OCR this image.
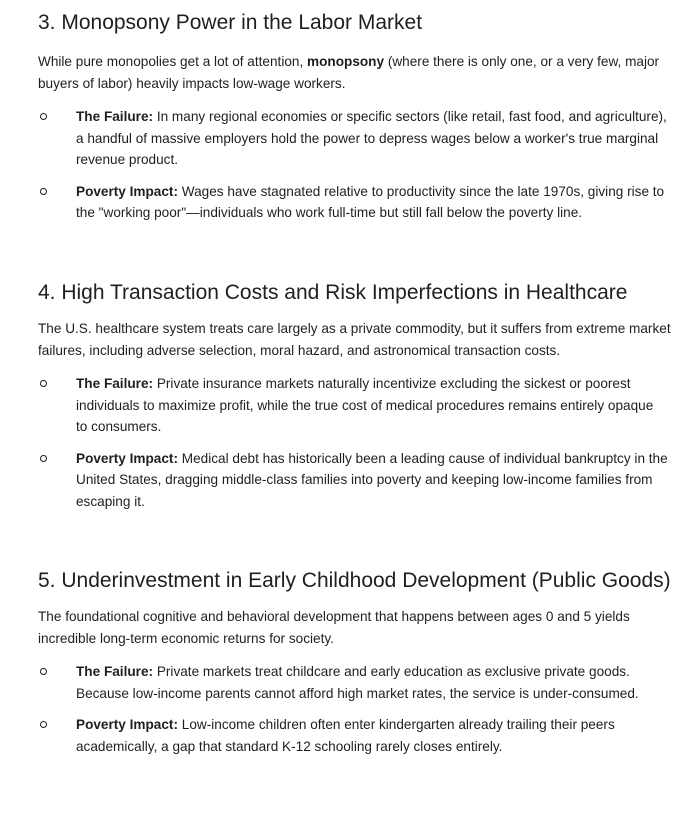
3. Monopsony Power in the Labor Market

While pure monopolies get a lot of attention, monopsony (where there is only one, or a very few, major buyers of labor) heavily impacts low-wage workers.

The Failure: In many regional economies or specific sectors (like retail, fast food, and agriculture), a handful of massive employers hold the power to depress wages below a worker's true marginal revenue product.
Poverty Impact: Wages have stagnated relative to productivity since the late 1970s, giving rise to the "working poor"—individuals who work full-time but still fall below the poverty line.
4. High Transaction Costs and Risk Imperfections in Healthcare

The U.S. healthcare system treats care largely as a private commodity, but it suffers from extreme market failures, including adverse selection, moral hazard, and astronomical transaction costs.

The Failure: Private insurance markets naturally incentivize excluding the sickest or poorest individuals to maximize profit, while the true cost of medical procedures remains entirely opaque to consumers.
Poverty Impact: Medical debt has historically been a leading cause of individual bankruptcy in the United States, dragging middle-class families into poverty and keeping low-income families from escaping it.
5. Underinvestment in Early Childhood Development (Public Goods)

The foundational cognitive and behavioral development that happens between ages 0 and 5 yields incredible long-term economic returns for society.

The Failure: Private markets treat childcare and early education as exclusive private goods. Because low-income parents cannot afford high market rates, the service is under-consumed.
Poverty Impact: Low-income children often enter kindergarten already trailing their peers academically, a gap that standard K-12 schooling rarely closes entirely.
